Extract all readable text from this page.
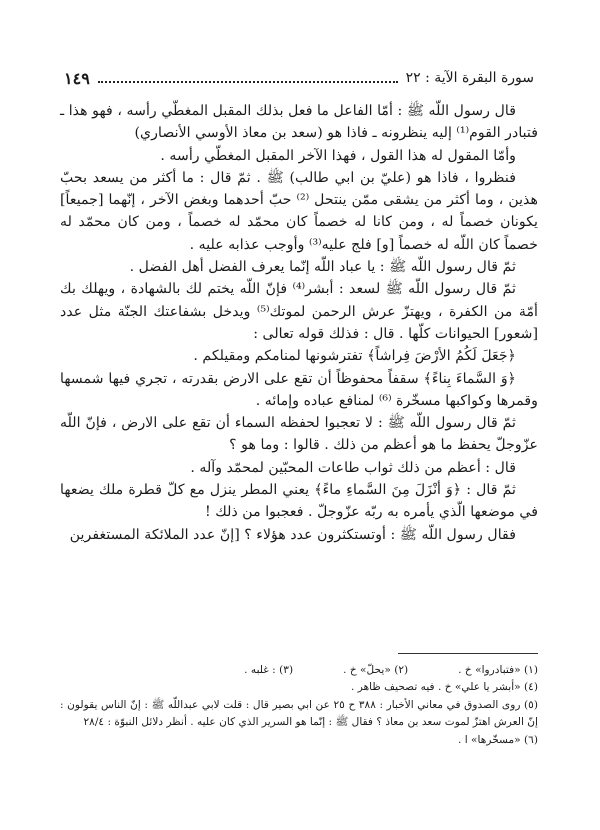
سورة البقرة الآية : ٢٢
١٤٩

قال رسول اللّه ﷺ : أمّا الفاعل ما فعل بذلك المقبل المغطّي رأسه ، فهو هذا ـ فتبادر القوم⁽¹⁾ إليه ينظرونه ـ فاذا هو (سعد بن معاذ الأوسي الأنصاري)

وأمّا المقول له هذا القول ، فهذا الآخر المقبل المغطّي رأسه .

فنظروا ، فاذا هو (عليّ بن ابي طالب) ﷺ . ثمّ قال : ما أكثر من يسعد بحبّ هذين ، وما أكثر من يشقى ممّن ينتحل ⁽²⁾ حبّ أحدهما وبغض الآخر ، إنّهما [جميعاً] يكونان خصماً له ، ومن كانا له خصماً كان محمّد له خصماً ، ومن كان محمّد له خصماً كان اللّه له خصماً [و] فلج عليه⁽³⁾ وأوجب عذابه عليه .

ثمّ قال رسول اللّه ﷺ : يا عباد اللّه إنّما يعرف الفضل أهل الفضل .

ثمّ قال رسول اللّه ﷺ لسعد : أبشر⁽⁴⁾ فإنّ اللّه يختم لك بالشهادة ، ويهلك بك أمّة من الكفرة ، ويهتزّ عرش الرحمن لموتك⁽⁵⁾ ويدخل بشفاعتك الجنّة مثل عدد [شعور] الحيوانات كلّها . قال : فذلك قوله تعالى :

﴿جَعَلَ لَكُمُ الأرْضَ فِراشاً﴾ تفترشونها لمنامكم ومقيلكم .

﴿وَ السَّماءَ بِناءً﴾ سقفاً محفوظاً أن تقع على الارض بقدرته ، تجري فيها شمسها وقمرها وكواكبها مسخّرة ⁽⁶⁾ لمنافع عباده وإمائه .

ثمّ قال رسول اللّه ﷺ : لا تعجبوا لحفظه السماء أن تقع على الارض ، فإنّ اللّه عزّوجلّ يحفظ ما هو أعظم من ذلك . قالوا : وما هو ؟

قال : أعظم من ذلك ثواب طاعات المحبّين لمحمّد وآله .

ثمّ قال : ﴿وَ أنْزَلَ مِنَ السَّماءِ ماءً﴾ يعني المطر ينزل مع كلّ قطرة ملك يضعها في موضعها الّذي يأمره به ربّه عزّوجلّ . فعجبوا من ذلك !

فقال رسول اللّه ﷺ : أوتستكثرون عدد هؤلاء ؟ [إنّ عدد الملائكة المستغفرين

(١) «فتبادروا» خ .
(٢) «يحلّ» خ .
(٣) : غلبه .

(٤) «أبشر يا علي» خ . فيه تصحيف ظاهر .

(٥) روى الصدوق في معاني الأخبار : ٣٨٨ ح ٢٥ عن ابي بصير قال : قلت لابي عبداللّه ﷺ : إنّ الناس يقولون : إنّ العرش اهتزّ لموت سعد بن معاذ ؟ فقال ﷺ : إنّما هو السرير الذي كان عليه . أنظر دلائل النبوّة : ٢٨/٤

(٦) «مسخّرها» ا .
